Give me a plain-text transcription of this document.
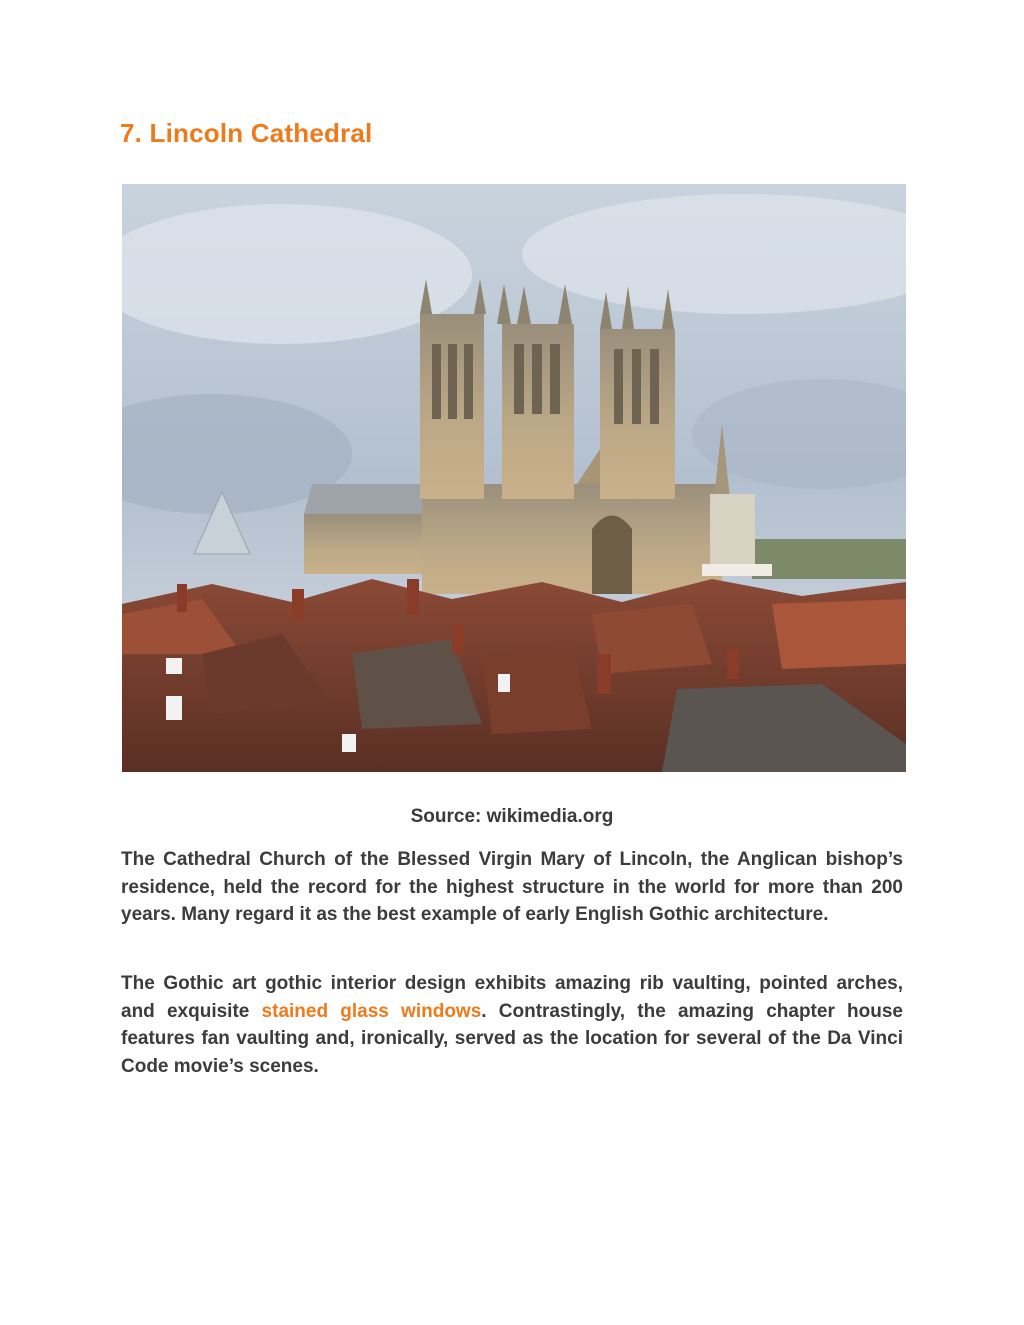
7. Lincoln Cathedral

Source: wikimedia.org

The Cathedral Church of the Blessed Virgin Mary of Lincoln, the Anglican bishop’s residence, held the record for the highest structure in the world for more than 200 years. Many regard it as the best example of early English Gothic architecture.

The Gothic art gothic interior design exhibits amazing rib vaulting, pointed arches, and exquisite stained glass windows. Contrastingly, the amazing chapter house features fan vaulting and, ironically, served as the location for several of the Da Vinci Code movie’s scenes.
